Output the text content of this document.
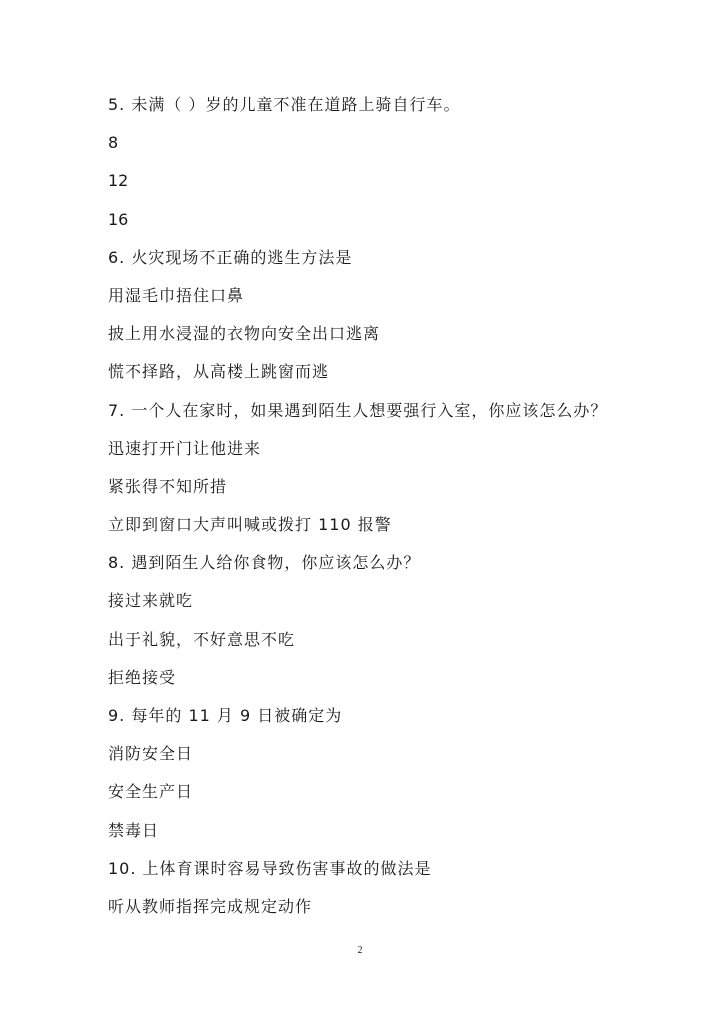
5. 未满（ ）岁的儿童不准在道路上骑自行车。
8
12
16
6. 火灾现场不正确的逃生方法是
用湿毛巾捂住口鼻
披上用水浸湿的衣物向安全出口逃离
慌不择路，从高楼上跳窗而逃
7. 一个人在家时，如果遇到陌生人想要强行入室，你应该怎么办？
迅速打开门让他进来
紧张得不知所措
立即到窗口大声叫喊或拨打 110 报警
8. 遇到陌生人给你食物，你应该怎么办？
接过来就吃
出于礼貌，不好意思不吃
拒绝接受
9. 每年的 11 月 9 日被确定为
消防安全日
安全生产日
禁毒日
10. 上体育课时容易导致伤害事故的做法是
听从教师指挥完成规定动作
2
